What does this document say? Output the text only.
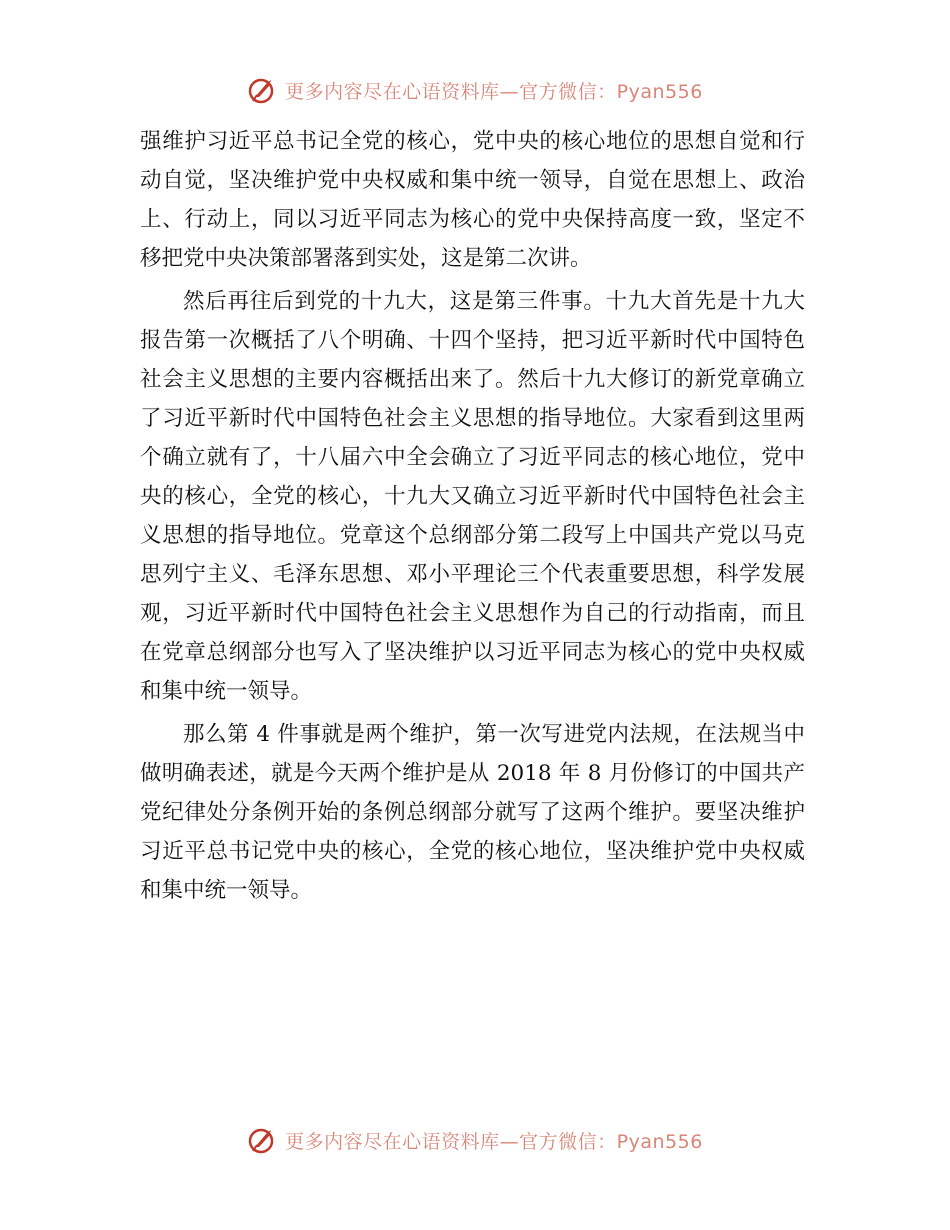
更多内容尽在心语资料库—官方微信：Pyan556

强维护习近平总书记全党的核心，党中央的核心地位的思想自觉和行动自觉，坚决维护党中央权威和集中统一领导，自觉在思想上、政治上、行动上，同以习近平同志为核心的党中央保持高度一致，坚定不移把党中央决策部署落到实处，这是第二次讲。

然后再往后到党的十九大，这是第三件事。十九大首先是十九大报告第一次概括了八个明确、十四个坚持，把习近平新时代中国特色社会主义思想的主要内容概括出来了。然后十九大修订的新党章确立了习近平新时代中国特色社会主义思想的指导地位。大家看到这里两个确立就有了，十八届六中全会确立了习近平同志的核心地位，党中央的核心，全党的核心，十九大又确立习近平新时代中国特色社会主义思想的指导地位。党章这个总纲部分第二段写上中国共产党以马克思列宁主义、毛泽东思想、邓小平理论三个代表重要思想，科学发展观，习近平新时代中国特色社会主义思想作为自己的行动指南，而且在党章总纲部分也写入了坚决维护以习近平同志为核心的党中央权威和集中统一领导。

那么第 4 件事就是两个维护，第一次写进党内法规，在法规当中做明确表述，就是今天两个维护是从 2018 年 8 月份修订的中国共产党纪律处分条例开始的条例总纲部分就写了这两个维护。要坚决维护习近平总书记党中央的核心，全党的核心地位，坚决维护党中央权威和集中统一领导。

更多内容尽在心语资料库—官方微信：Pyan556
